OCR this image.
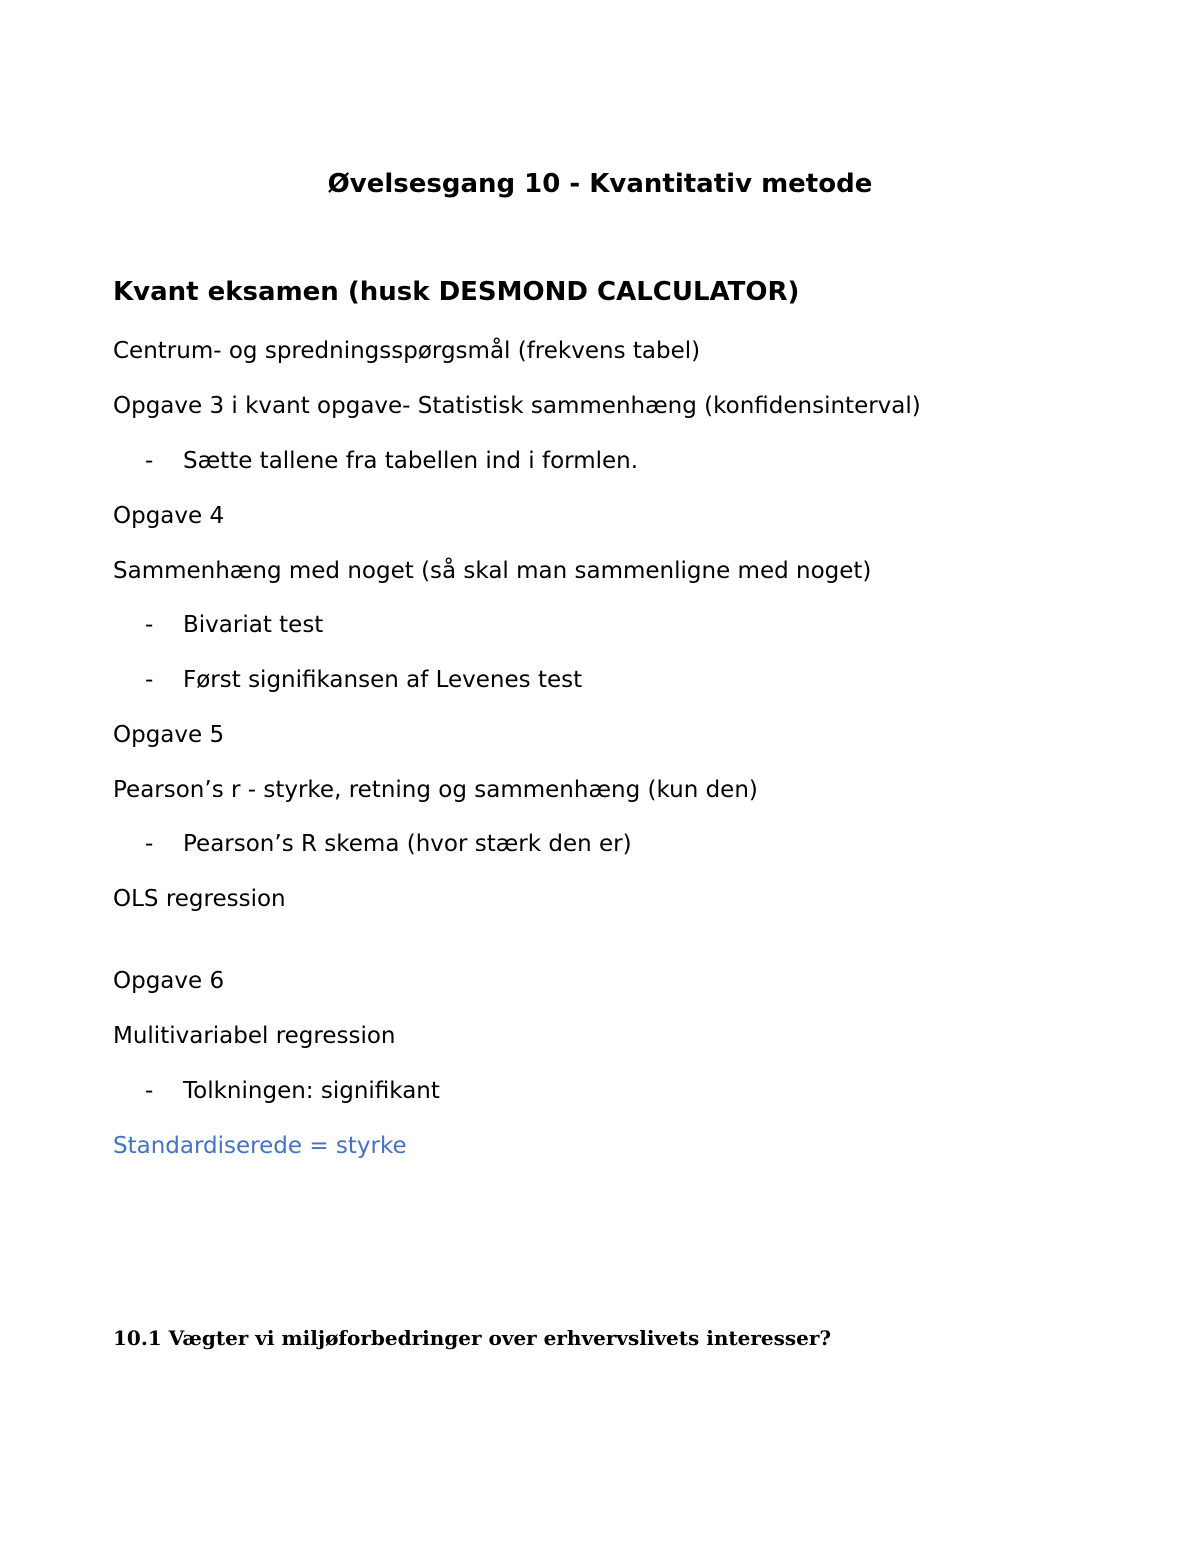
Øvelsesgang 10 - Kvantitativ metode
Kvant eksamen (husk DESMOND CALCULATOR)
Centrum- og spredningsspørgsmål (frekvens tabel)
Opgave 3 i kvant opgave- Statistisk sammenhæng (konfidensinterval)
- Sætte tallene fra tabellen ind i formlen.
Opgave 4
Sammenhæng med noget (så skal man sammenligne med noget)
- Bivariat test
- Først signifikansen af Levenes test
Opgave 5
Pearson’s r - styrke, retning og sammenhæng (kun den)
- Pearson’s R skema (hvor stærk den er)
OLS regression
Opgave 6
Mulitivariabel regression
- Tolkningen: signifikant
Standardiserede = styrke
10.1 Vægter vi miljøforbedringer over erhvervslivets interesser?
